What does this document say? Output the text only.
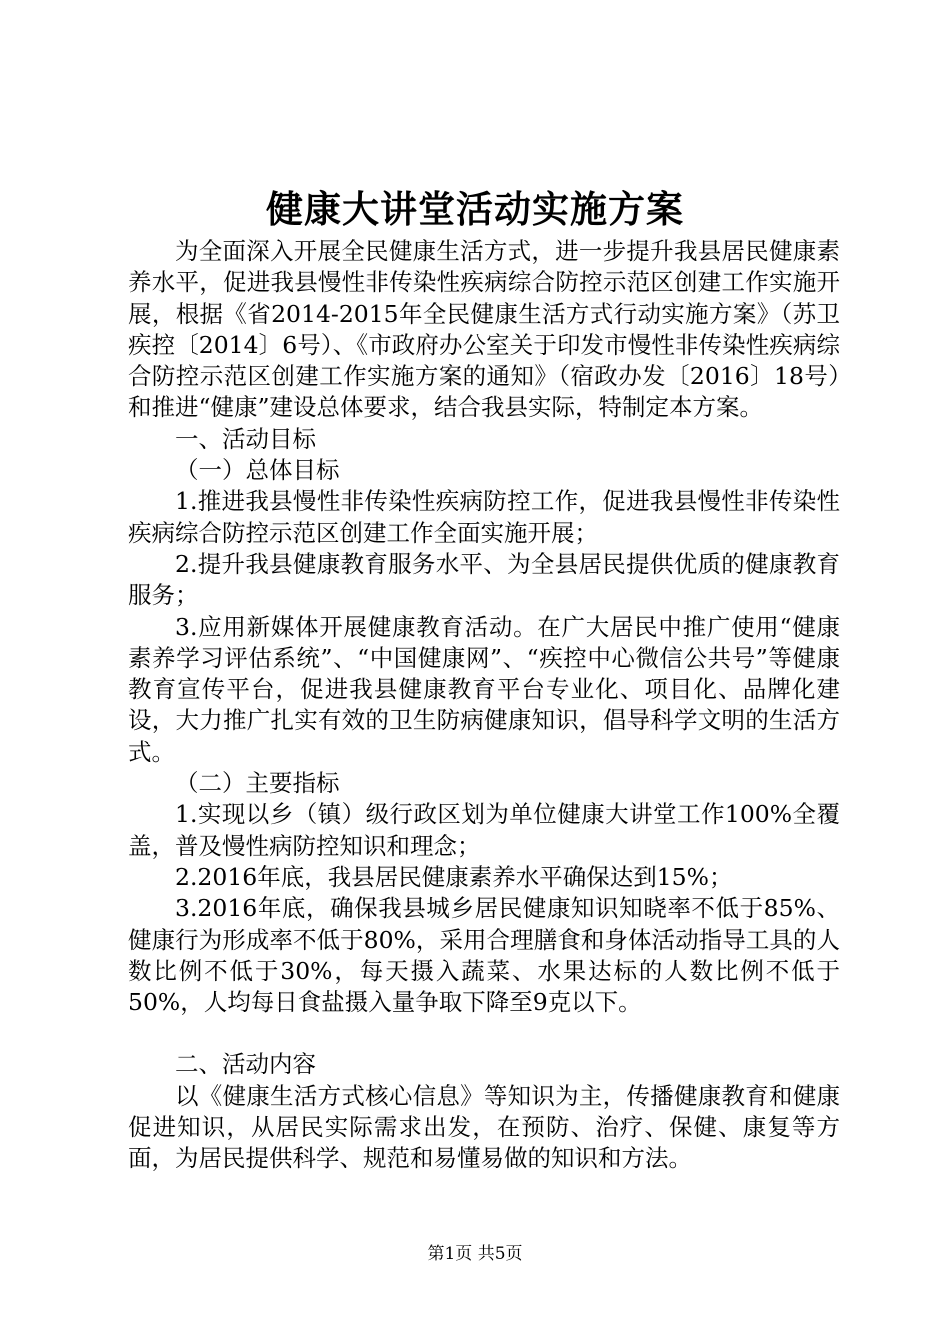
健康大讲堂活动实施方案

为全面深入开展全民健康生活方式，进一步提升我县居民健康素养水平，促进我县慢性非传染性疾病综合防控示范区创建工作实施开展，根据《省2014-2015年全民健康生活方式行动实施方案》（苏卫疾控〔2014〕6号）、《市政府办公室关于印发市慢性非传染性疾病综合防控示范区创建工作实施方案的通知》（宿政办发〔2016〕18号）和推进“健康”建设总体要求，结合我县实际，特制定本方案。

一、活动目标

（一）总体目标

1.推进我县慢性非传染性疾病防控工作，促进我县慢性非传染性疾病综合防控示范区创建工作全面实施开展；

2.提升我县健康教育服务水平、为全县居民提供优质的健康教育服务；

3.应用新媒体开展健康教育活动。在广大居民中推广使用“健康素养学习评估系统”、“中国健康网”、“疾控中心微信公共号”等健康教育宣传平台，促进我县健康教育平台专业化、项目化、品牌化建设，大力推广扎实有效的卫生防病健康知识，倡导科学文明的生活方式。

（二）主要指标

1.实现以乡（镇）级行政区划为单位健康大讲堂工作100%全覆盖，普及慢性病防控知识和理念；

2.2016年底，我县居民健康素养水平确保达到15%；

3.2016年底，确保我县城乡居民健康知识知晓率不低于85%、健康行为形成率不低于80%，采用合理膳食和身体活动指导工具的人数比例不低于30%，每天摄入蔬菜、水果达标的人数比例不低于50%，人均每日食盐摄入量争取下降至9克以下。

二、活动内容

以《健康生活方式核心信息》等知识为主，传播健康教育和健康促进知识，从居民实际需求出发，在预防、治疗、保健、康复等方面，为居民提供科学、规范和易懂易做的知识和方法。

第1页 共5页
